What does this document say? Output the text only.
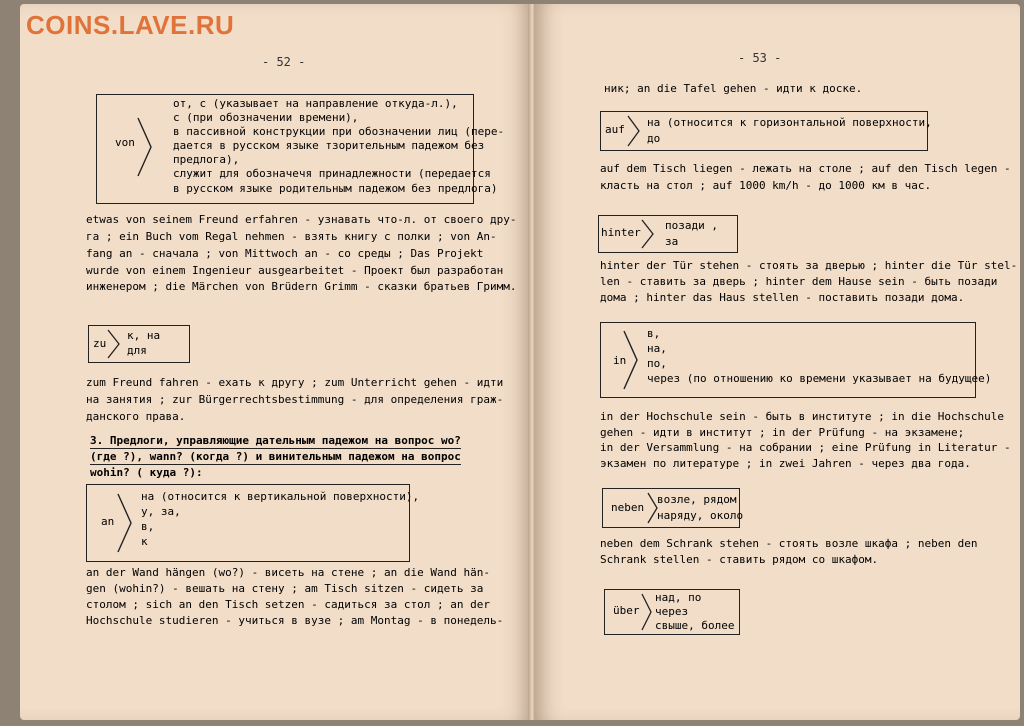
COINS.LAVE.RU
- 52 -
von
от, с (указывает на направление откуда-л.),
с (при обозначении времени),
в пассивной конструкции при обозначении лиц (пере-
дается в русском языке тзорительным падежом без
предлога),
служит для обозначечя принадлежности (передается
в русском языке родительным падежом без предлога)
etwas von seinem Freund erfahren - узнавать что-л. от своего дру-
га ; ein Buch vom Regal nehmen - взять книгу с полки ; von An-
fang an - сначала ; von Mittwoch an - со среды ; Das Projekt
wurde von einem Ingenieur ausgearbeitet - Проект был разработан
инженером ; die Märchen von Brüdern Grimm - сказки братьев Гримм.
zu
к, на
для
zum Freund fahren - ехать к другу ; zum Unterricht gehen - идти
на занятия ; zur Bürgerrechtsbestimmung - для определения граж-
данского права.
3. Предлоги, управляющие дательным падежом на вопрос wo?
(где ?), wann? (когда ?) и винительным падежом на вопрос
wohin? ( куда ?):
an
на (относится к вертикальной поверхности),
у, за,
в,
к
an der Wand hängen (wo?) - висеть на стене ; an die Wand hän-
gen (wohin?) - вешать на стену ; am Tisch sitzen - сидеть за
столом ; sich an den Tisch setzen - садиться за стол ; an der
Hochschule studieren - учиться в вузе ; am Montag - в понедель-
- 53 -
ник; an die Tafel gehen - идти к доске.
auf
на (относится к горизонтальной поверхности,
до
auf dem Tisch liegen - лежать на столе ; auf den Tisch legen -
класть на стол ; auf 1000 km/h - до 1000 км в час.
hinter
позади ,
за
hinter der Tür stehen - стоять за дверью ; hinter die Tür stel-
len - ставить за дверь ; hinter dem Hause sein - быть позади
дома ; hinter das Haus stellen - поставить позади дома.
in
в,
на,
по,
через (по отношению ко времени указывает на будущее)
in der Hochschule sein - быть в институте ; in die Hochschule
gehen - идти в институт ; in der Prüfung - на экзамене;
in der Versammlung - на собрании ; eine Prüfung in Literatur -
экзамен по литературе ; in zwei Jahren - через два года.
neben
возле, рядом
наряду, около
neben dem Schrank stehen - стоять возле шкафа ; neben den
Schrank stellen - ставить рядом со шкафом.
über
над, по
через
свыше, более
